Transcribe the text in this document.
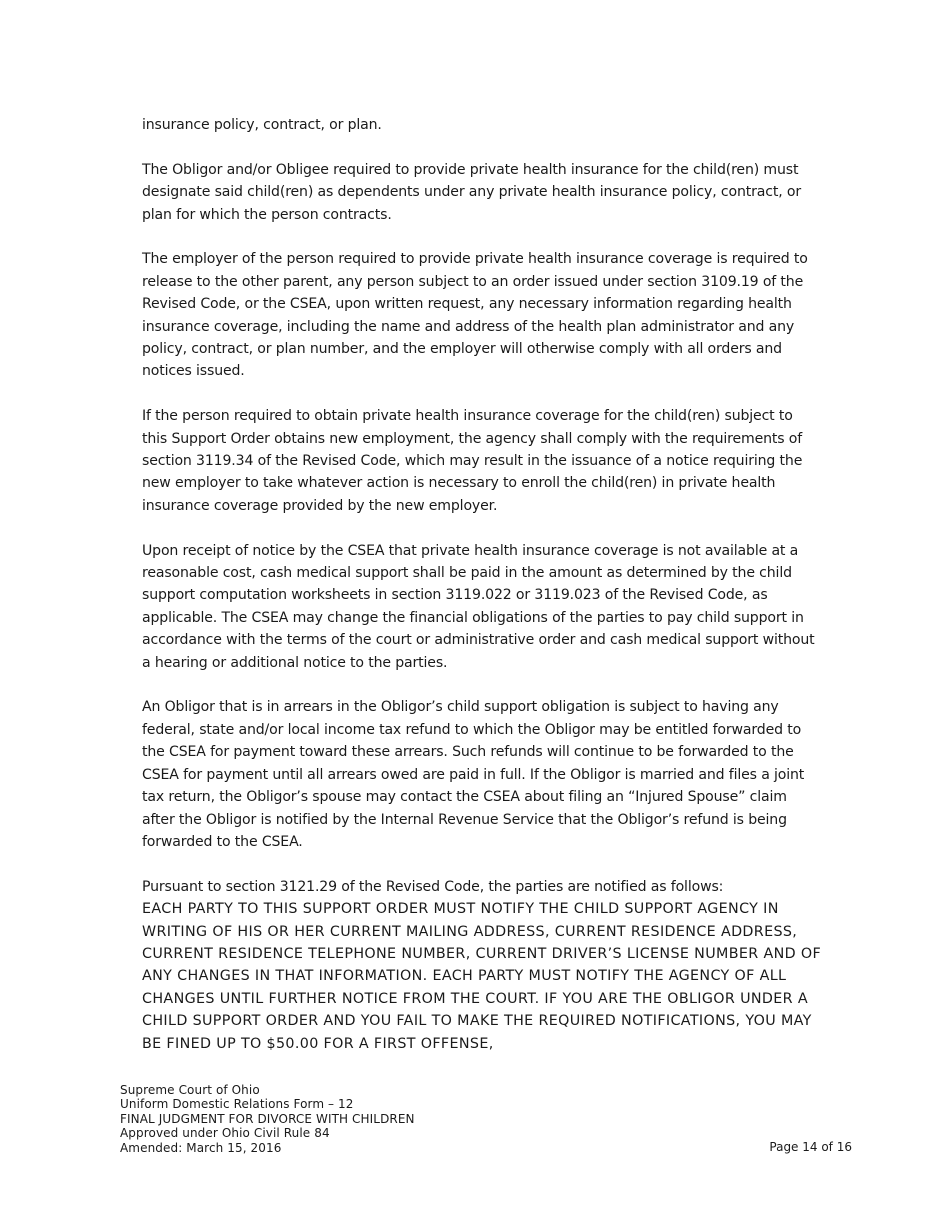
insurance policy, contract, or plan.

The Obligor and/or Obligee required to provide private health insurance for the child(ren) must designate said child(ren) as dependents under any private health insurance policy, contract, or plan for which the person contracts.

The employer of the person required to provide private health insurance coverage is required to release to the other parent, any person subject to an order issued under section 3109.19 of the Revised Code, or the CSEA, upon written request, any necessary information regarding health insurance coverage, including the name and address of the health plan administrator and any policy, contract, or plan number, and the employer will otherwise comply with all orders and notices issued.

If the person required to obtain private health insurance coverage for the child(ren) subject to this Support Order obtains new employment, the agency shall comply with the requirements of section 3119.34 of the Revised Code, which may result in the issuance of a notice requiring the new employer to take whatever action is necessary to enroll the child(ren) in private health insurance coverage provided by the new employer.

Upon receipt of notice by the CSEA that private health insurance coverage is not available at a reasonable cost, cash medical support shall be paid in the amount as determined by the child support computation worksheets in section 3119.022 or 3119.023 of the Revised Code, as applicable. The CSEA may change the financial obligations of the parties to pay child support in accordance with the terms of the court or administrative order and cash medical support without a hearing or additional notice to the parties.

An Obligor that is in arrears in the Obligor’s child support obligation is subject to having any federal, state and/or local income tax refund to which the Obligor may be entitled forwarded to the CSEA for payment toward these arrears. Such refunds will continue to be forwarded to the CSEA for payment until all arrears owed are paid in full. If the Obligor is married and files a joint tax return, the Obligor’s spouse may contact the CSEA about filing an “Injured Spouse” claim after the Obligor is notified by the Internal Revenue Service that the Obligor’s refund is being forwarded to the CSEA.

Pursuant to section 3121.29 of the Revised Code, the parties are notified as follows:

EACH PARTY TO THIS SUPPORT ORDER MUST NOTIFY THE CHILD SUPPORT AGENCY IN WRITING OF HIS OR HER CURRENT MAILING ADDRESS, CURRENT RESIDENCE ADDRESS, CURRENT RESIDENCE TELEPHONE NUMBER, CURRENT DRIVER’S LICENSE NUMBER AND OF ANY CHANGES IN THAT INFORMATION. EACH PARTY MUST NOTIFY THE AGENCY OF ALL CHANGES UNTIL FURTHER NOTICE FROM THE COURT. IF YOU ARE THE OBLIGOR UNDER A CHILD SUPPORT ORDER AND YOU FAIL TO MAKE THE REQUIRED NOTIFICATIONS, YOU MAY BE FINED UP TO $50.00 FOR A FIRST OFFENSE,

Supreme Court of Ohio
Uniform Domestic Relations Form – 12
FINAL JUDGMENT FOR DIVORCE WITH CHILDREN
Approved under Ohio Civil Rule 84
Amended: March 15, 2016	Page 14 of 16
